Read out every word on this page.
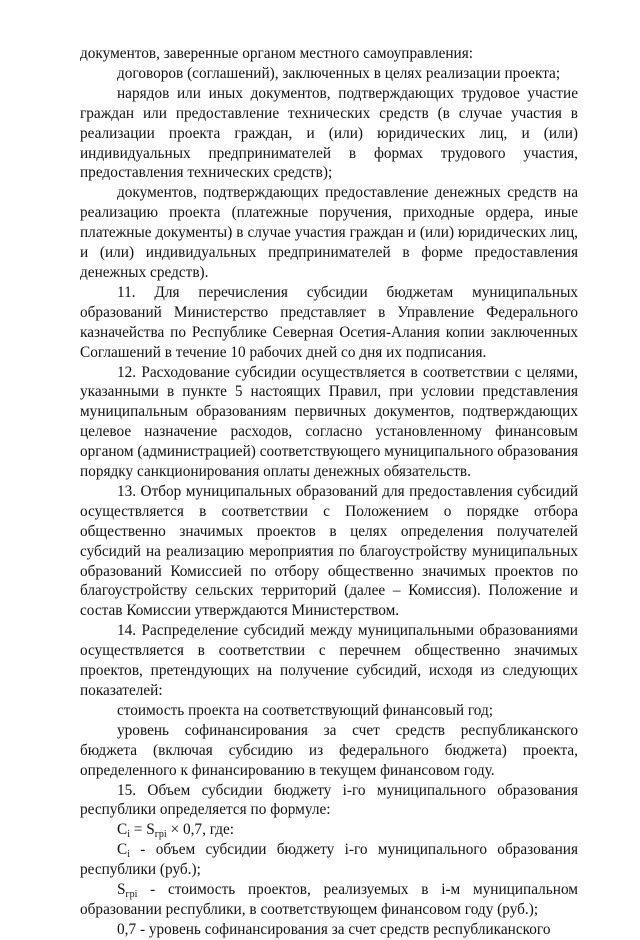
документов, заверенные органом местного самоуправления:

договоров (соглашений), заключенных в целях реализации проекта;

нарядов или иных документов, подтверждающих трудовое участие граждан или предоставление технических средств (в случае участия в реализации проекта граждан, и (или) юридических лиц, и (или) индивидуальных предпринимателей в формах трудового участия, предоставления технических средств);

документов, подтверждающих предоставление денежных средств на реализацию проекта (платежные поручения, приходные ордера, иные платежные документы) в случае участия граждан и (или) юридических лиц, и (или) индивидуальных предпринимателей в форме предоставления денежных средств).

11. Для перечисления субсидии бюджетам муниципальных образований Министерство представляет в Управление Федерального казначейства по Республике Северная Осетия-Алания копии заключенных Соглашений в течение 10 рабочих дней со дня их подписания.

12. Расходование субсидии осуществляется в соответствии с целями, указанными в пункте 5 настоящих Правил, при условии представления муниципальным образованиям первичных документов, подтверждающих целевое назначение расходов, согласно установленному финансовым органом (администрацией) соответствующего муниципального образования порядку санкционирования оплаты денежных обязательств.

13. Отбор муниципальных образований для предоставления субсидий осуществляется в соответствии с Положением о порядке отбора общественно значимых проектов в целях определения получателей субсидий на реализацию мероприятия по благоустройству муниципальных образований Комиссией по отбору общественно значимых проектов по благоустройству сельских территорий (далее – Комиссия). Положение и состав Комиссии утверждаются Министерством.

14. Распределение субсидий между муниципальными образованиями осуществляется в соответствии с перечнем общественно значимых проектов, претендующих на получение субсидий, исходя из следующих показателей:

стоимость проекта на соответствующий финансовый год;

уровень софинансирования за счет средств республиканского бюджета (включая субсидию из федерального бюджета) проекта, определенного к финансированию в текущем финансовом году.

15. Объем субсидии бюджету i-го муниципального образования республики определяется по формуле:

$C_i = S_{грi} \times 0,7$, где:

$C_i$ - объем субсидии бюджету i-го муниципального образования республики (руб.);

$S_{грi}$ - стоимость проектов, реализуемых в i-м муниципальном образовании республики, в соответствующем финансовом году (руб.);

0,7 - уровень софинансирования за счет средств республиканского
